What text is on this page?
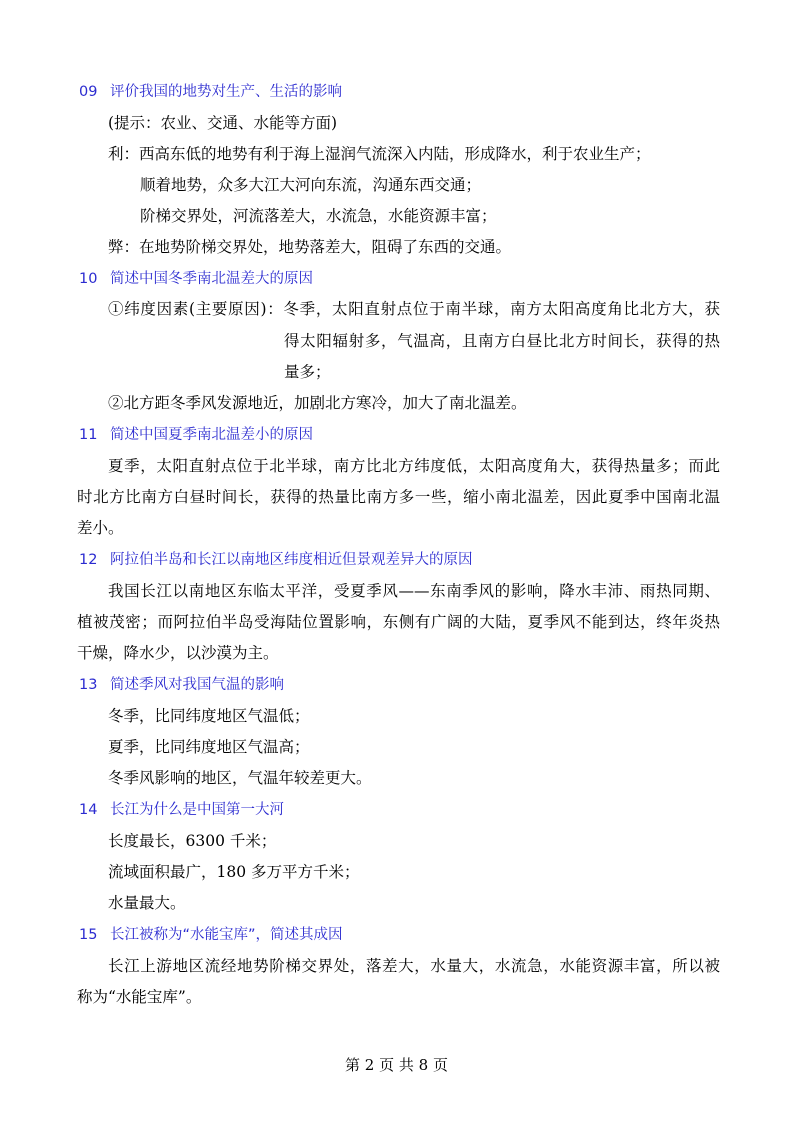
09 评价我国的地势对生产、生活的影响
(提示：农业、交通、水能等方面)
利：西高东低的地势有利于海上湿润气流深入内陆，形成降水，利于农业生产；
顺着地势，众多大江大河向东流，沟通东西交通；
阶梯交界处，河流落差大，水流急，水能资源丰富；
弊：在地势阶梯交界处，地势落差大，阻碍了东西的交通。
10 简述中国冬季南北温差大的原因
①纬度因素(主要原因)：冬季，太阳直射点位于南半球，南方太阳高度角比北方大，获
得太阳辐射多，气温高，且南方白昼比北方时间长，获得的热
量多；
②北方距冬季风发源地近，加剧北方寒冷，加大了南北温差。
11 简述中国夏季南北温差小的原因
夏季，太阳直射点位于北半球，南方比北方纬度低，太阳高度角大，获得热量多；而此
时北方比南方白昼时间长，获得的热量比南方多一些，缩小南北温差，因此夏季中国南北温
差小。
12 阿拉伯半岛和长江以南地区纬度相近但景观差异大的原因
我国长江以南地区东临太平洋，受夏季风——东南季风的影响，降水丰沛、雨热同期、
植被茂密；而阿拉伯半岛受海陆位置影响，东侧有广阔的大陆，夏季风不能到达，终年炎热
干燥，降水少，以沙漠为主。
13 简述季风对我国气温的影响
冬季，比同纬度地区气温低；
夏季，比同纬度地区气温高；
冬季风影响的地区，气温年较差更大。
14 长江为什么是中国第一大河
长度最长，6300 千米；
流域面积最广，180 多万平方千米；
水量最大。
15 长江被称为“水能宝库”，简述其成因
长江上游地区流经地势阶梯交界处，落差大，水量大，水流急，水能资源丰富，所以被
称为“水能宝库”。
第 2 页 共 8 页
